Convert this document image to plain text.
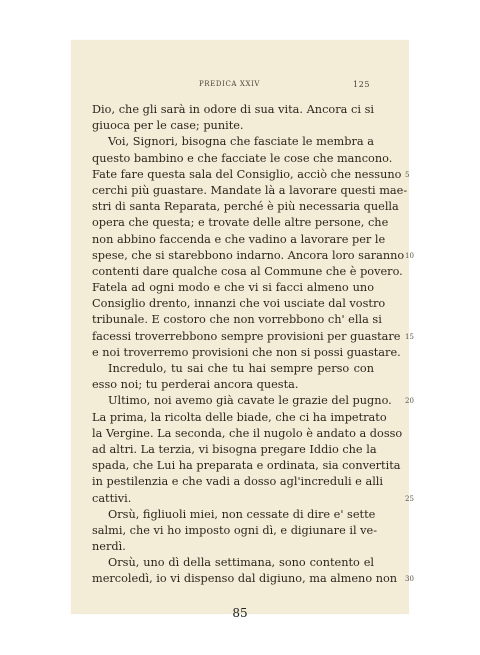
PREDICA XXIV	125
Dio, che gli sarà in odore di sua vita. Ancora ci si
giuoca per le case; punite.
Voi, Signori, bisogna che fasciate le membra a
questo bambino e che facciate le cose che mancono.
Fate fare questa sala del Consiglio, acciò che nessuno 5
cerchi più guastare. Mandate là a lavorare questi mae-
stri di santa Reparata, perché è più necessaria quella
opera che questa; e trovate delle altre persone, che
non abbino faccenda e che vadino a lavorare per le
spese, che si starebbono indarno. Ancora loro saranno 10
contenti dare qualche cosa al Commune che è povero.
Fatela ad ogni modo e che vi si facci almeno uno
Consiglio drento, innanzi che voi usciate dal vostro
tribunale. E costoro che non vorrebbono ch' ella si
facessi troverrebbono sempre provisioni per guastare 15
e noi troverremo provisioni che non si possi guastare.
Incredulo, tu sai che tu hai sempre perso con
esso noi; tu perderai ancora questa.
Ultimo, noi avemo già cavate le grazie del pugno. 20
La prima, la ricolta delle biade, che ci ha impetrato
la Vergine. La seconda, che il nugolo è andato a dosso
ad altri. La terzia, vi bisogna pregare Iddio che la
spada, che Lui ha preparata e ordinata, sia convertita
in pestilenzia e che vadi a dosso agl'increduli e alli
cattivi.	25
Orsù, figliuoli miei, non cessate di dire e' sette
salmi, che vi ho imposto ogni dì, e digiunare il ve-
nerdì.
Orsù, uno dì della settimana, sono contento el
mercoledì, io vi dispenso dal digiuno, ma almeno non 30
85
